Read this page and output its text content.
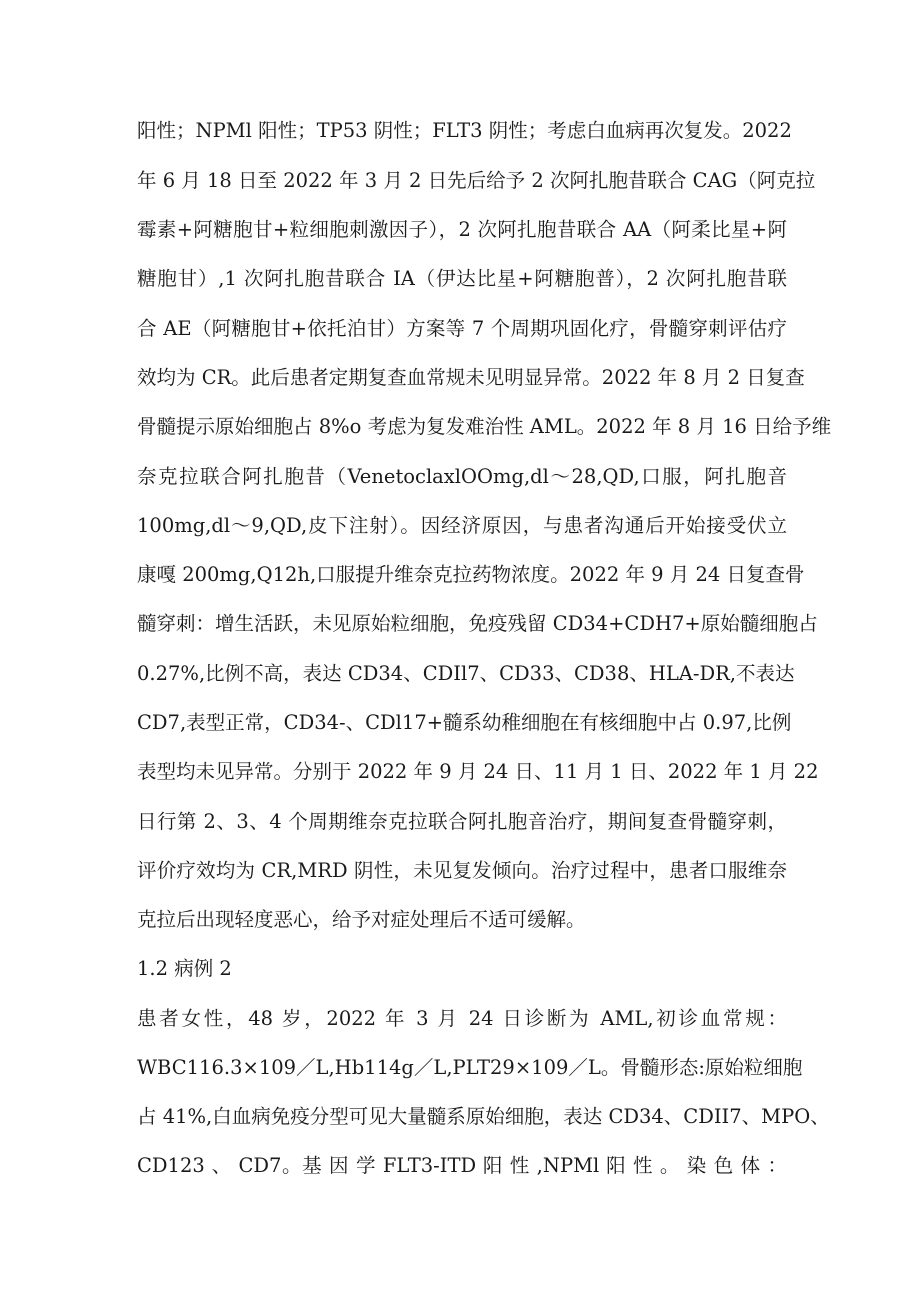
阳性；NPMl 阳性；TP53 阴性；FLT3 阴性；考虑白血病再次复发。2022
年 6 月 18 日至 2022 年 3 月 2 日先后给予 2 次阿扎胞昔联合 CAG（阿克拉
霉素+阿糖胞甘+粒细胞刺激因子），2 次阿扎胞昔联合 AA（阿柔比星+阿
糖胞甘）,1 次阿扎胞昔联合 IA（伊达比星+阿糖胞普），2 次阿扎胞昔联
合 AE（阿糖胞甘+依托泊甘）方案等 7 个周期巩固化疗，骨髓穿刺评估疗
效均为 CR。此后患者定期复查血常规未见明显异常。2022 年 8 月 2 日复查
骨髓提示原始细胞占 8%o 考虑为复发难治性 AML。2022 年 8 月 16 日给予维
奈克拉联合阿扎胞昔（VenetoclaxlOOmg,dl～28,QD,口服，阿扎胞音
100mg,dl～9,QD,皮下注射）。因经济原因，与患者沟通后开始接受伏立
康嘎 200mg,Q12h,口服提升维奈克拉药物浓度。2022 年 9 月 24 日复查骨
髓穿刺：增生活跃，未见原始粒细胞，免疫残留 CD34+CDH7+原始髓细胞占
0.27%,比例不高，表达 CD34、CDIl7、CD33、CD38、HLA-DR,不表达
CD7,表型正常，CD34-、CDl17+髓系幼稚细胞在有核细胞中占 0.97,比例
表型均未见异常。分别于 2022 年 9 月 24 日、11 月 1 日、2022 年 1 月 22
日行第 2、3、4 个周期维奈克拉联合阿扎胞音治疗，期间复查骨髓穿刺，
评价疗效均为 CR,MRD 阴性，未见复发倾向。治疗过程中，患者口服维奈
克拉后出现轻度恶心，给予对症处理后不适可缓解。
1.2 病例 2
患者女性，48 岁，2022 年 3 月 24 日诊断为 AML,初诊血常规：
WBC116.3×109／L,Hb114g／L,PLT29×109／L。骨髓形态:原始粒细胞
占 41%,白血病免疫分型可见大量髓系原始细胞，表达 CD34、CDII7、MPO、
CD123 、 CD7。基 因 学 FLT3-ITD 阳 性 ,NPMl 阳 性 。 染 色 体 ：
